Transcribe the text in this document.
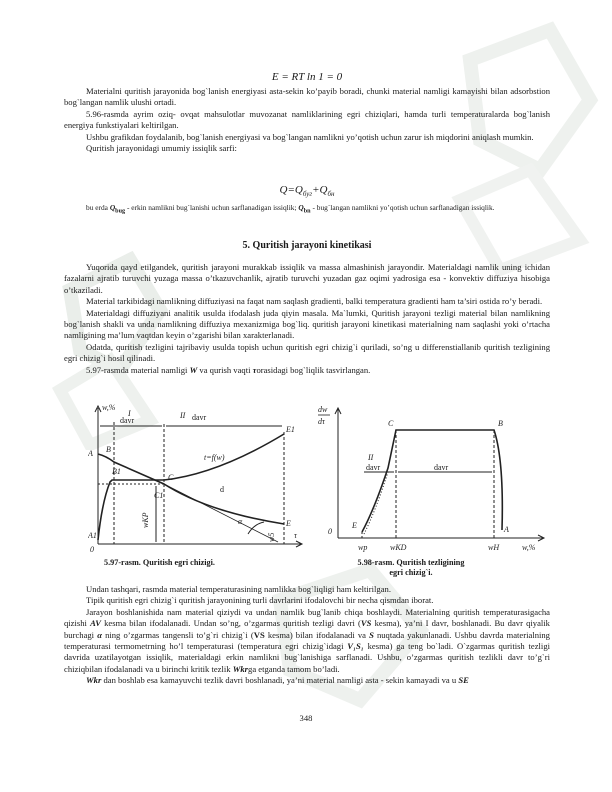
E = RT ln 1 = 0

Materialni quritish jarayonida bog`lanish energiyasi asta-sekin ko’payib boradi, chunki material namligi kamayishi bilan adsorbstion bog`langan namlik ulushi ortadi.

5.96-rasmda ayrim oziq- ovqat mahsulotlar muvozanat namliklarining egri chiziqlari, hamda turli temperaturalarda bog`lanish energiya funkstiyalari keltirilgan.

Ushbu grafikdan foydalanib, bog`lanish energiyasi va bog`langan namlikni yo’qotish uchun zarur ish miqdorini aniqlash mumkin.

Quritish jarayonidagi umumiy issiqlik sarfi:

$Q=Q_{буг}+Q_{бн}$
bu erda $Q_{bug}$ - erkin namlikni bug`lanishi uchun sarflanadigan issiqlik; $Q_{bn}$ - bug`langan namlikni yo’qotish uchun sarflanadigan issiqlik.
5. Quritish jarayoni kinetikasi

Yuqorida qayd etilgandek, quritish jarayoni murakkab issiqlik va massa almashinish jarayondir. Materialdagi namlik uning ichidan fazalarni ajratib turuvchi yuzaga massa o’tkazuvchanlik, ajratib turuvchi yuzadan gaz oqimi yadrosiga esa - konvektiv diffuziya hisobiga o’tkaziladi.

Material tarkibidagi namlikning diffuziyasi na faqat nam saqlash gradienti, balki temperatura gradienti ham ta’siri ostida ro’y beradi.

Materialdagi diffuziyani analitik usulda ifodalash juda qiyin masala. Ma`lumki, Quritish jarayoni tezligi material bilan namlikning bog`lanish shakli va unda namlikning diffuziya mexanizmiga bog`liq. quritish jarayoni kinetikasi materialning nam saqlashi yoki o’rtacha namligining ma’lum vaqtdan keyin o’zgarishi bilan xarakterlanadi.

Odatda, quritish tezligini tajribaviy usulda topish uchun quritish egri chizig`i quriladi, so’ng u differenstiallanib quritish tezligining egri chizig`i hosil qilinadi.

5.97-rasmda material namligi W va qurish vaqti τorasidagi bog`liqlik tasvirlangan.

w,%
τ
I	II
davr	davr
t=f(w)
A B
B1
C
C1
A1
E
E1
d
α
0
wКР
w5
dw
dτ
w,%
II
davr	davr
C	B
E	A
0
wp	wKD	wH
5.97-rasm. Quritish egri chizigi.	5.98-rasm. Quritish tezligining
egri chizig`i.

Undan tashqari, rasmda material temperaturasining namlikka bog`liqligi ham keltirilgan.

Tipik quritish egri chizig`i quritish jarayonining turli davrlarini ifodalovchi bir necha qismdan iborat.

Jarayon boshlanishida nam material qiziydi va undan namlik bug`lanib chiqa boshlaydi. Materialning quritish temperaturasigacha qizishi AV kesma bilan ifodalanadi. Undan so’ng, o’zgarmas quritish tezligi davri (VS kesma), ya’ni I davr, boshlanadi. Bu davr qiyalik burchagi α ning o’zgarmas tangensli to’g`ri chizig`i (VS kesma) bilan ifodalanadi va S nuqtada yakunlanadi. Ushbu davrda materialning temperaturasi termometrning ho’l temperaturasi (temperatura egri chizig`idagi V₁S₁ kesma) ga teng bo`ladi. O`zgarmas quritish tezligi davrida uzatilayotgan issiqlik, materialdagi erkin namlikni bug`lanishiga sarflanadi. Ushbu, o’zgarmas quritish tezlikli davr to’g`ri chiziqbilan ifodalanadi va u birinchi kritik tezlik Wkrga etganda tamom bo’ladi.

Wkr dan boshlab esa kamayuvchi tezlik davri boshlanadi, ya’ni material namligi asta - sekin kamayadi va u SE

348
